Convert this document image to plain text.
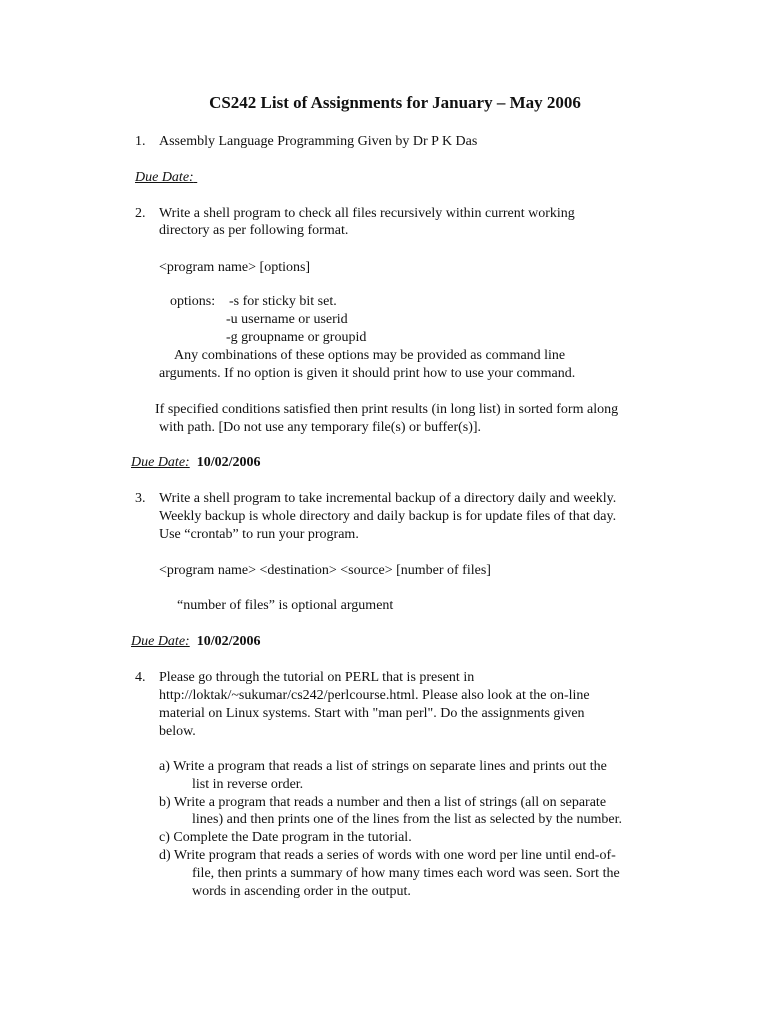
CS242 List of Assignments for January – May 2006
1. Assembly Language Programming Given by Dr P K Das
Due Date:
2. Write a shell program to check all files recursively within current working
directory as per following format.
<program name> [options]
options: -s for sticky bit set.
-u username or userid
-g groupname or groupid
Any combinations of these options may be provided as command line
arguments. If no option is given it should print how to use your command.
If specified conditions satisfied then print results (in long list) in sorted form along
with path. [Do not use any temporary file(s) or buffer(s)].
Due Date: 10/02/2006
3. Write a shell program to take incremental backup of a directory daily and weekly.
Weekly backup is whole directory and daily backup is for update files of that day.
Use “crontab” to run your program.
<program name> <destination> <source> [number of files]
“number of files” is optional argument
Due Date: 10/02/2006
4. Please go through the tutorial on PERL that is present in
http://loktak/~sukumar/cs242/perlcourse.html. Please also look at the on-line
material on Linux systems. Start with "man perl". Do the assignments given
below.
a) Write a program that reads a list of strings on separate lines and prints out the
list in reverse order.
b) Write a program that reads a number and then a list of strings (all on separate
lines) and then prints one of the lines from the list as selected by the number.
c) Complete the Date program in the tutorial.
d) Write program that reads a series of words with one word per line until end-of-
file, then prints a summary of how many times each word was seen. Sort the
words in ascending order in the output.
